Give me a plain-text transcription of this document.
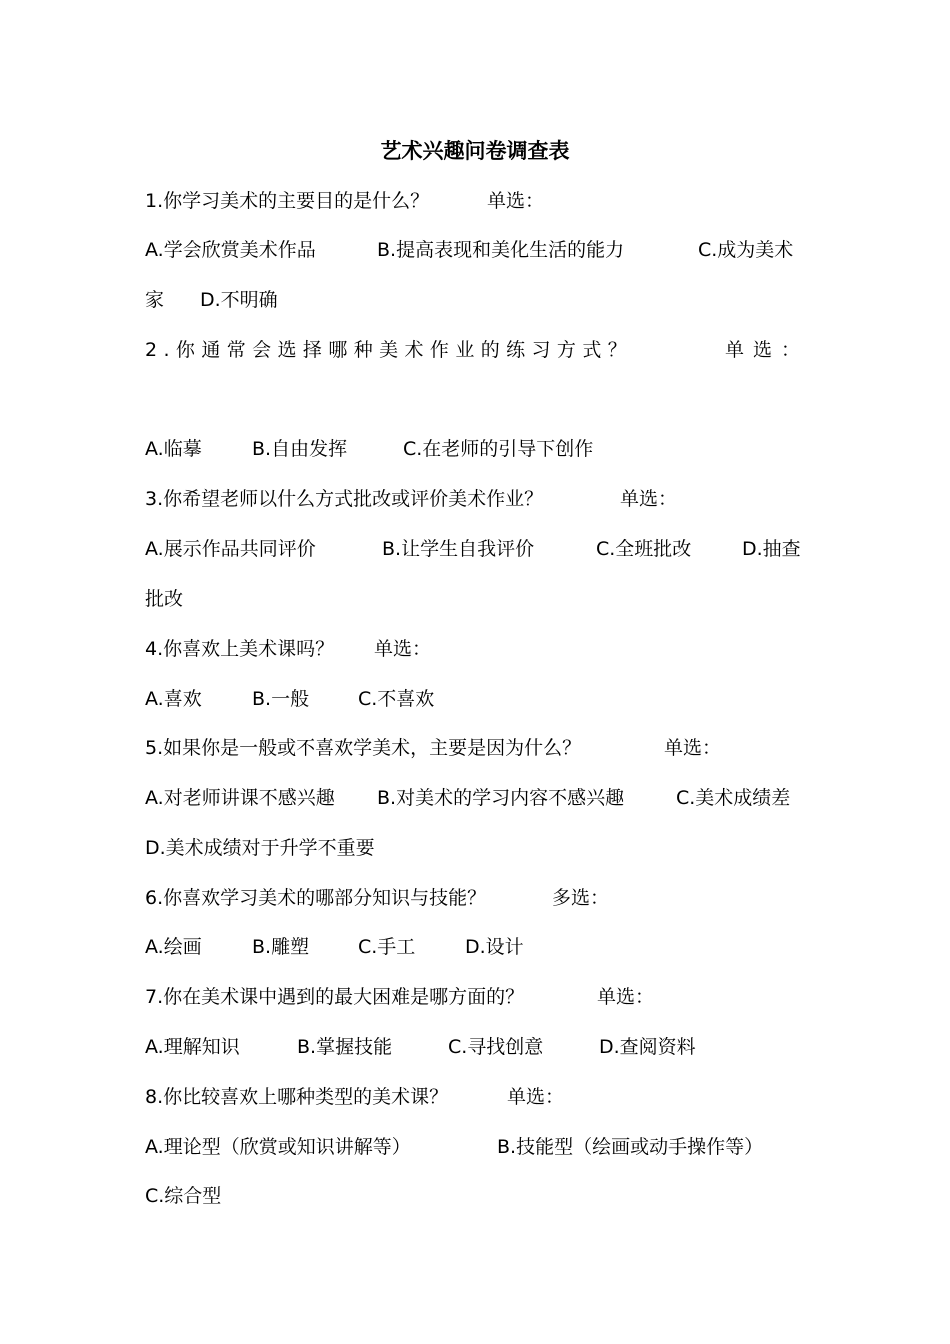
艺术兴趣问卷调查表
1.你学习美术的主要目的是什么？	单选：
A.学会欣赏美术作品	B.提高表现和美化生活的能力	C.成为美术
家 D.不明确
2.你通常会选择哪种美术作业的练习方式？	单选：
A.临摹	B.自由发挥	C.在老师的引导下创作
3.你希望老师以什么方式批改或评价美术作业？	单选：
A.展示作品共同评价	B.让学生自我评价	C.全班批改	D.抽查
批改
4.你喜欢上美术课吗？ 单选：
A.喜欢	B.一般	C.不喜欢
5.如果你是一般或不喜欢学美术，主要是因为什么？	单选：
A.对老师讲课不感兴趣 B.对美术的学习内容不感兴趣	C.美术成绩差
D.美术成绩对于升学不重要
6.你喜欢学习美术的哪部分知识与技能？	多选：
A.绘画	B.雕塑	C.手工	D.设计
7.你在美术课中遇到的最大困难是哪方面的？	单选：
A.理解知识	B.掌握技能	C.寻找创意	D.查阅资料
8.你比较喜欢上哪种类型的美术课？	单选：
A.理论型（欣赏或知识讲解等）	B.技能型（绘画或动手操作等）
C.综合型
